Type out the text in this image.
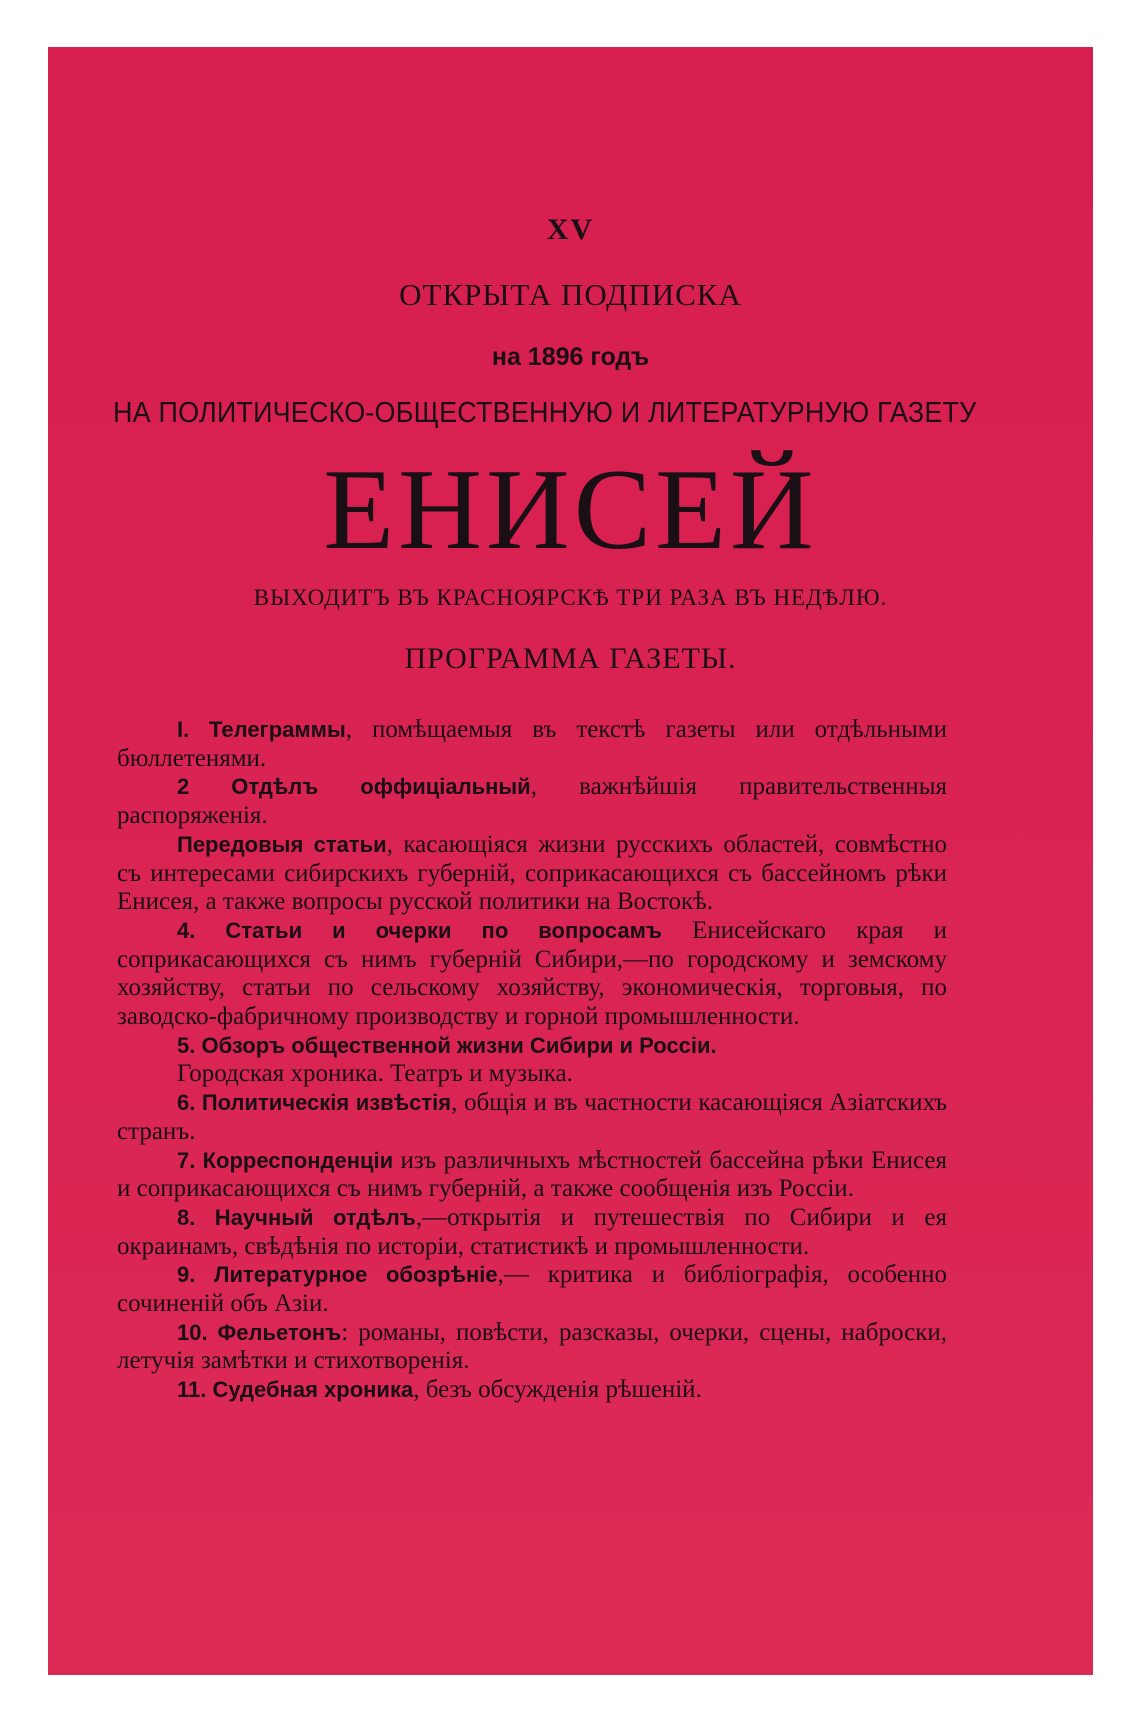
XV
ОТКРЫТА ПОДПИСКА
на 1896 годъ
НА ПОЛИТИЧЕСКО-ОБЩЕСТВЕННУЮ И ЛИТЕРАТУРНУЮ ГАЗЕТУ
ЕНИСЕЙ
ВЫХОДИТЪ ВЪ КРАСНОЯРСКѢ ТРИ РАЗА ВЪ НЕДѢЛЮ.
ПРОГРАММА ГАЗЕТЫ.

I. Телеграммы, помѣщаемыя въ текстѣ газеты или отдѣльными бюллетенями.

2 Отдѣлъ оффиціальный, важнѣйшія правительственныя распоряженія.

Передовыя статьи, касающіяся жизни русскихъ областей, совмѣстно съ интересами сибирскихъ губерній, соприкасающихся съ бассейномъ рѣки Енисея, а также вопросы русской политики на Востокѣ.

4. Статьи и очерки по вопросамъ Енисейскаго края и соприкасающихся съ нимъ губерній Сибири,—по городскому и земскому хозяйству, статьи по сельскому хозяйству, экономическія, торговыя, по заводско-фабричному производству и горной промышленности.

5. Обзоръ общественной жизни Сибири и Россіи.

Городская хроника. Театръ и музыка.

6. Политическія извѣстія, общія и въ частности касающіяся Азіатскихъ странъ.

7. Корреспонденціи изъ различныхъ мѣстностей бассейна рѣки Енисея и соприкасающихся съ нимъ губерній, а также сообщенія изъ Россіи.

8. Научный отдѣлъ,—открытія и путешествія по Сибири и ея окраинамъ, свѣдѣнія по исторіи, статистикѣ и промышленности.

9. Литературное обозрѣніе,— критика и библіографія, особенно сочиненій объ Азіи.

10. Фельетонъ: романы, повѣсти, разсказы, очерки, сцены, наброски, летучія замѣтки и стихотворенія.

11. Судебная хроника, безъ обсужденія рѣшеній.
